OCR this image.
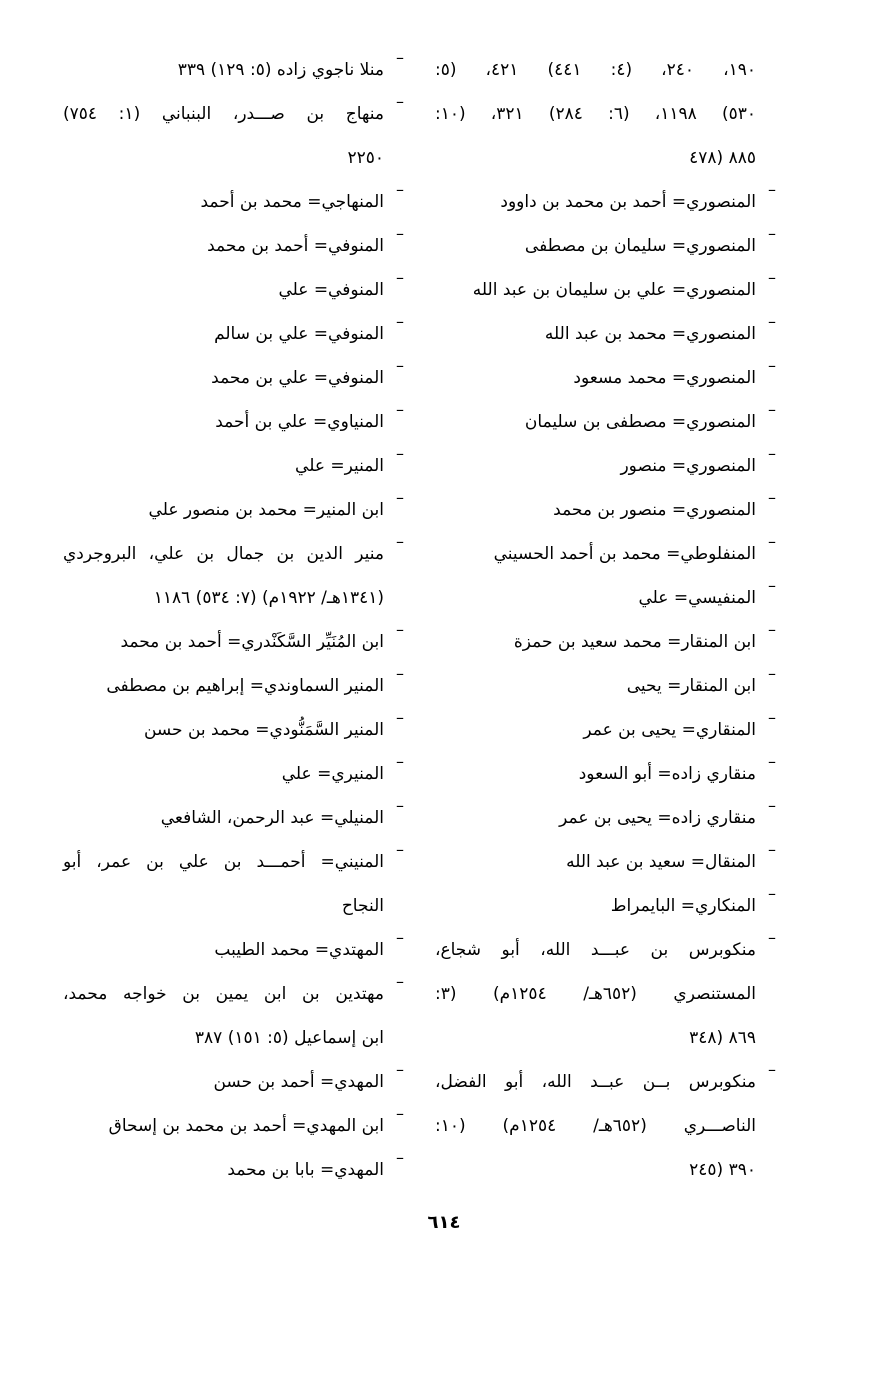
١٩٠، ٢٤٠، (٤: ٤٤١) ٤٢١، (٥:
٥٣٠) ١١٩٨، (٦: ٢٨٤) ٣٢١، (١٠:
٨٨٥ (٤٧٨
–
المنصوري= أحمد بن محمد بن داوود
–
المنصوري= سليمان بن مصطفى
–
المنصوري= علي بن سليمان بن عبد الله
–
المنصوري= محمد بن عبد الله
–
المنصوري= محمد مسعود
–
المنصوري= مصطفى بن سليمان
–
المنصوري= منصور
–
المنصوري= منصور بن محمد
–
المنفلوطي= محمد بن أحمد الحسيني
–
المنفيسي= علي
–
ابن المنقار= محمد سعيد بن حمزة
–
ابن المنقار= يحيى
–
المنقاري= يحيى بن عمر
–
منقاري زاده= أبو السعود
–
منقاري زاده= يحيى بن عمر
–
المنقال= سعيد بن عبد الله
–
المنكاري= البايمراط
–
منكوبرس بن عبـــد الله، أبو شجاع،
المستنصري (٦٥٢هـ/ ١٢٥٤م) (٣:
٨٦٩ (٣٤٨
–
منكوبرس بــن عبــد الله، أبو الفضل،
الناصـــري (٦٥٢هـ/ ١٢٥٤م) (١٠:
٣٩٠ (٢٤٥
–
منلا ناجوي زاده (٥: ١٢٩) ٣٣٩
–
منهاج بن صـــدر، البنباني (١: ٧٥٤)
٢٢٥٠
–
المنهاجي= محمد بن أحمد
–
المنوفي= أحمد بن محمد
–
المنوفي= علي
–
المنوفي= علي بن سالم
–
المنوفي= علي بن محمد
–
المنياوي= علي بن أحمد
–
المنير= علي
–
ابن المنير= محمد بن منصور علي
–
منير الدين بن جمال بن علي، البروجردي
(١٣٤١هـ/ ١٩٢٢م) (٧: ٥٣٤) ١١٨٦
–
ابن المُنَيِّر السَّكَنْدري= أحمد بن محمد
–
المنير السماوندي= إبراهيم بن مصطفى
–
المنير السَّمَنُّودي= محمد بن حسن
–
المنيري= علي
–
المنيلي= عبد الرحمن، الشافعي
–
المنيني= أحمـــد بن علي بن عمر، أبو
النجاح
–
المهتدي= محمد الطيبب
–
مهتدين بن ابن يمين بن خواجه محمد،
ابن إسماعيل (٥: ١٥١) ٣٨٧
–
المهدي= أحمد بن حسن
–
ابن المهدي= أحمد بن محمد بن إسحاق
–
المهدي= بابا بن محمد
٦١٤
